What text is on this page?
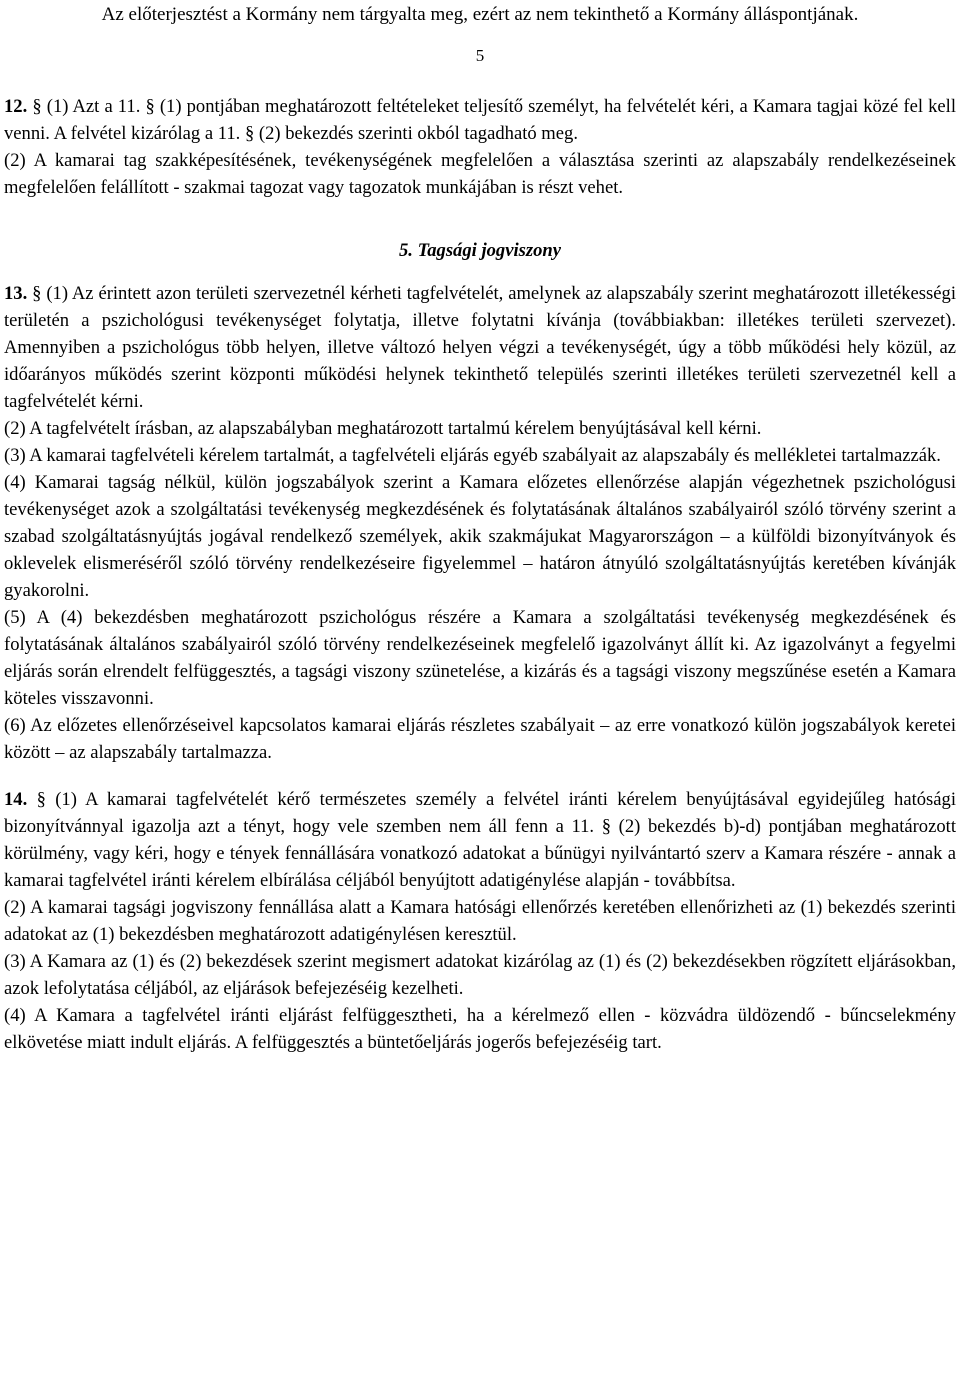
Az előterjesztést a Kormány nem tárgyalta meg, ezért az nem tekinthető a Kormány álláspontjának.
5

12. § (1) Azt a 11. § (1) pontjában meghatározott feltételeket teljesítő személyt, ha felvételét kéri, a Kamara tagjai közé fel kell venni. A felvétel kizárólag a 11. § (2) bekezdés szerinti okból tagadható meg.

(2) A kamarai tag szakképesítésének, tevékenységének megfelelően a választása szerinti az alapszabály rendelkezéseinek megfelelően felállított - szakmai tagozat vagy tagozatok munkájában is részt vehet.

5. Tagsági jogviszony

13. § (1) Az érintett azon területi szervezetnél kérheti tagfelvételét, amelynek az alapszabály szerint meghatározott illetékességi területén a pszichológusi tevékenységet folytatja, illetve folytatni kívánja (továbbiakban: illetékes területi szervezet). Amennyiben a pszichológus több helyen, illetve változó helyen végzi a tevékenységét, úgy a több működési hely közül, az időarányos működés szerint központi működési helynek tekinthető település szerinti illetékes területi szervezetnél kell a tagfelvételét kérni.

(2) A tagfelvételt írásban, az alapszabályban meghatározott tartalmú kérelem benyújtásával kell kérni.

(3) A kamarai tagfelvételi kérelem tartalmát, a tagfelvételi eljárás egyéb szabályait az alapszabály és mellékletei tartalmazzák.

(4) Kamarai tagság nélkül, külön jogszabályok szerint a Kamara előzetes ellenőrzése alapján végezhetnek pszichológusi tevékenységet azok a szolgáltatási tevékenység megkezdésének és folytatásának általános szabályairól szóló törvény szerint a szabad szolgáltatásnyújtás jogával rendelkező személyek, akik szakmájukat Magyarországon – a külföldi bizonyítványok és oklevelek elismeréséről szóló törvény rendelkezéseire figyelemmel – határon átnyúló szolgáltatásnyújtás keretében kívánják gyakorolni.

(5) A (4) bekezdésben meghatározott pszichológus részére a Kamara a szolgáltatási tevékenység megkezdésének és folytatásának általános szabályairól szóló törvény rendelkezéseinek megfelelő igazolványt állít ki. Az igazolványt a fegyelmi eljárás során elrendelt felfüggesztés, a tagsági viszony szünetelése, a kizárás és a tagsági viszony megszűnése esetén a Kamara köteles visszavonni.

(6) Az előzetes ellenőrzéseivel kapcsolatos kamarai eljárás részletes szabályait – az erre vonatkozó külön jogszabályok keretei között – az alapszabály tartalmazza.

14. § (1) A kamarai tagfelvételét kérő természetes személy a felvétel iránti kérelem benyújtásával egyidejűleg hatósági bizonyítvánnyal igazolja azt a tényt, hogy vele szemben nem áll fenn a 11. § (2) bekezdés b)-d) pontjában meghatározott körülmény, vagy kéri, hogy e tények fennállására vonatkozó adatokat a bűnügyi nyilvántartó szerv a Kamara részére - annak a kamarai tagfelvétel iránti kérelem elbírálása céljából benyújtott adatigénylése alapján - továbbítsa.

(2) A kamarai tagsági jogviszony fennállása alatt a Kamara hatósági ellenőrzés keretében ellenőrizheti az (1) bekezdés szerinti adatokat az (1) bekezdésben meghatározott adatigénylésen keresztül.

(3) A Kamara az (1) és (2) bekezdések szerint megismert adatokat kizárólag az (1) és (2) bekezdésekben rögzített eljárásokban, azok lefolytatása céljából, az eljárások befejezéséig kezelheti.

(4) A Kamara a tagfelvétel iránti eljárást felfüggesztheti, ha a kérelmező ellen - közvádra üldözendő - bűncselekmény elkövetése miatt indult eljárás. A felfüggesztés a büntetőeljárás jogerős befejezéséig tart.
